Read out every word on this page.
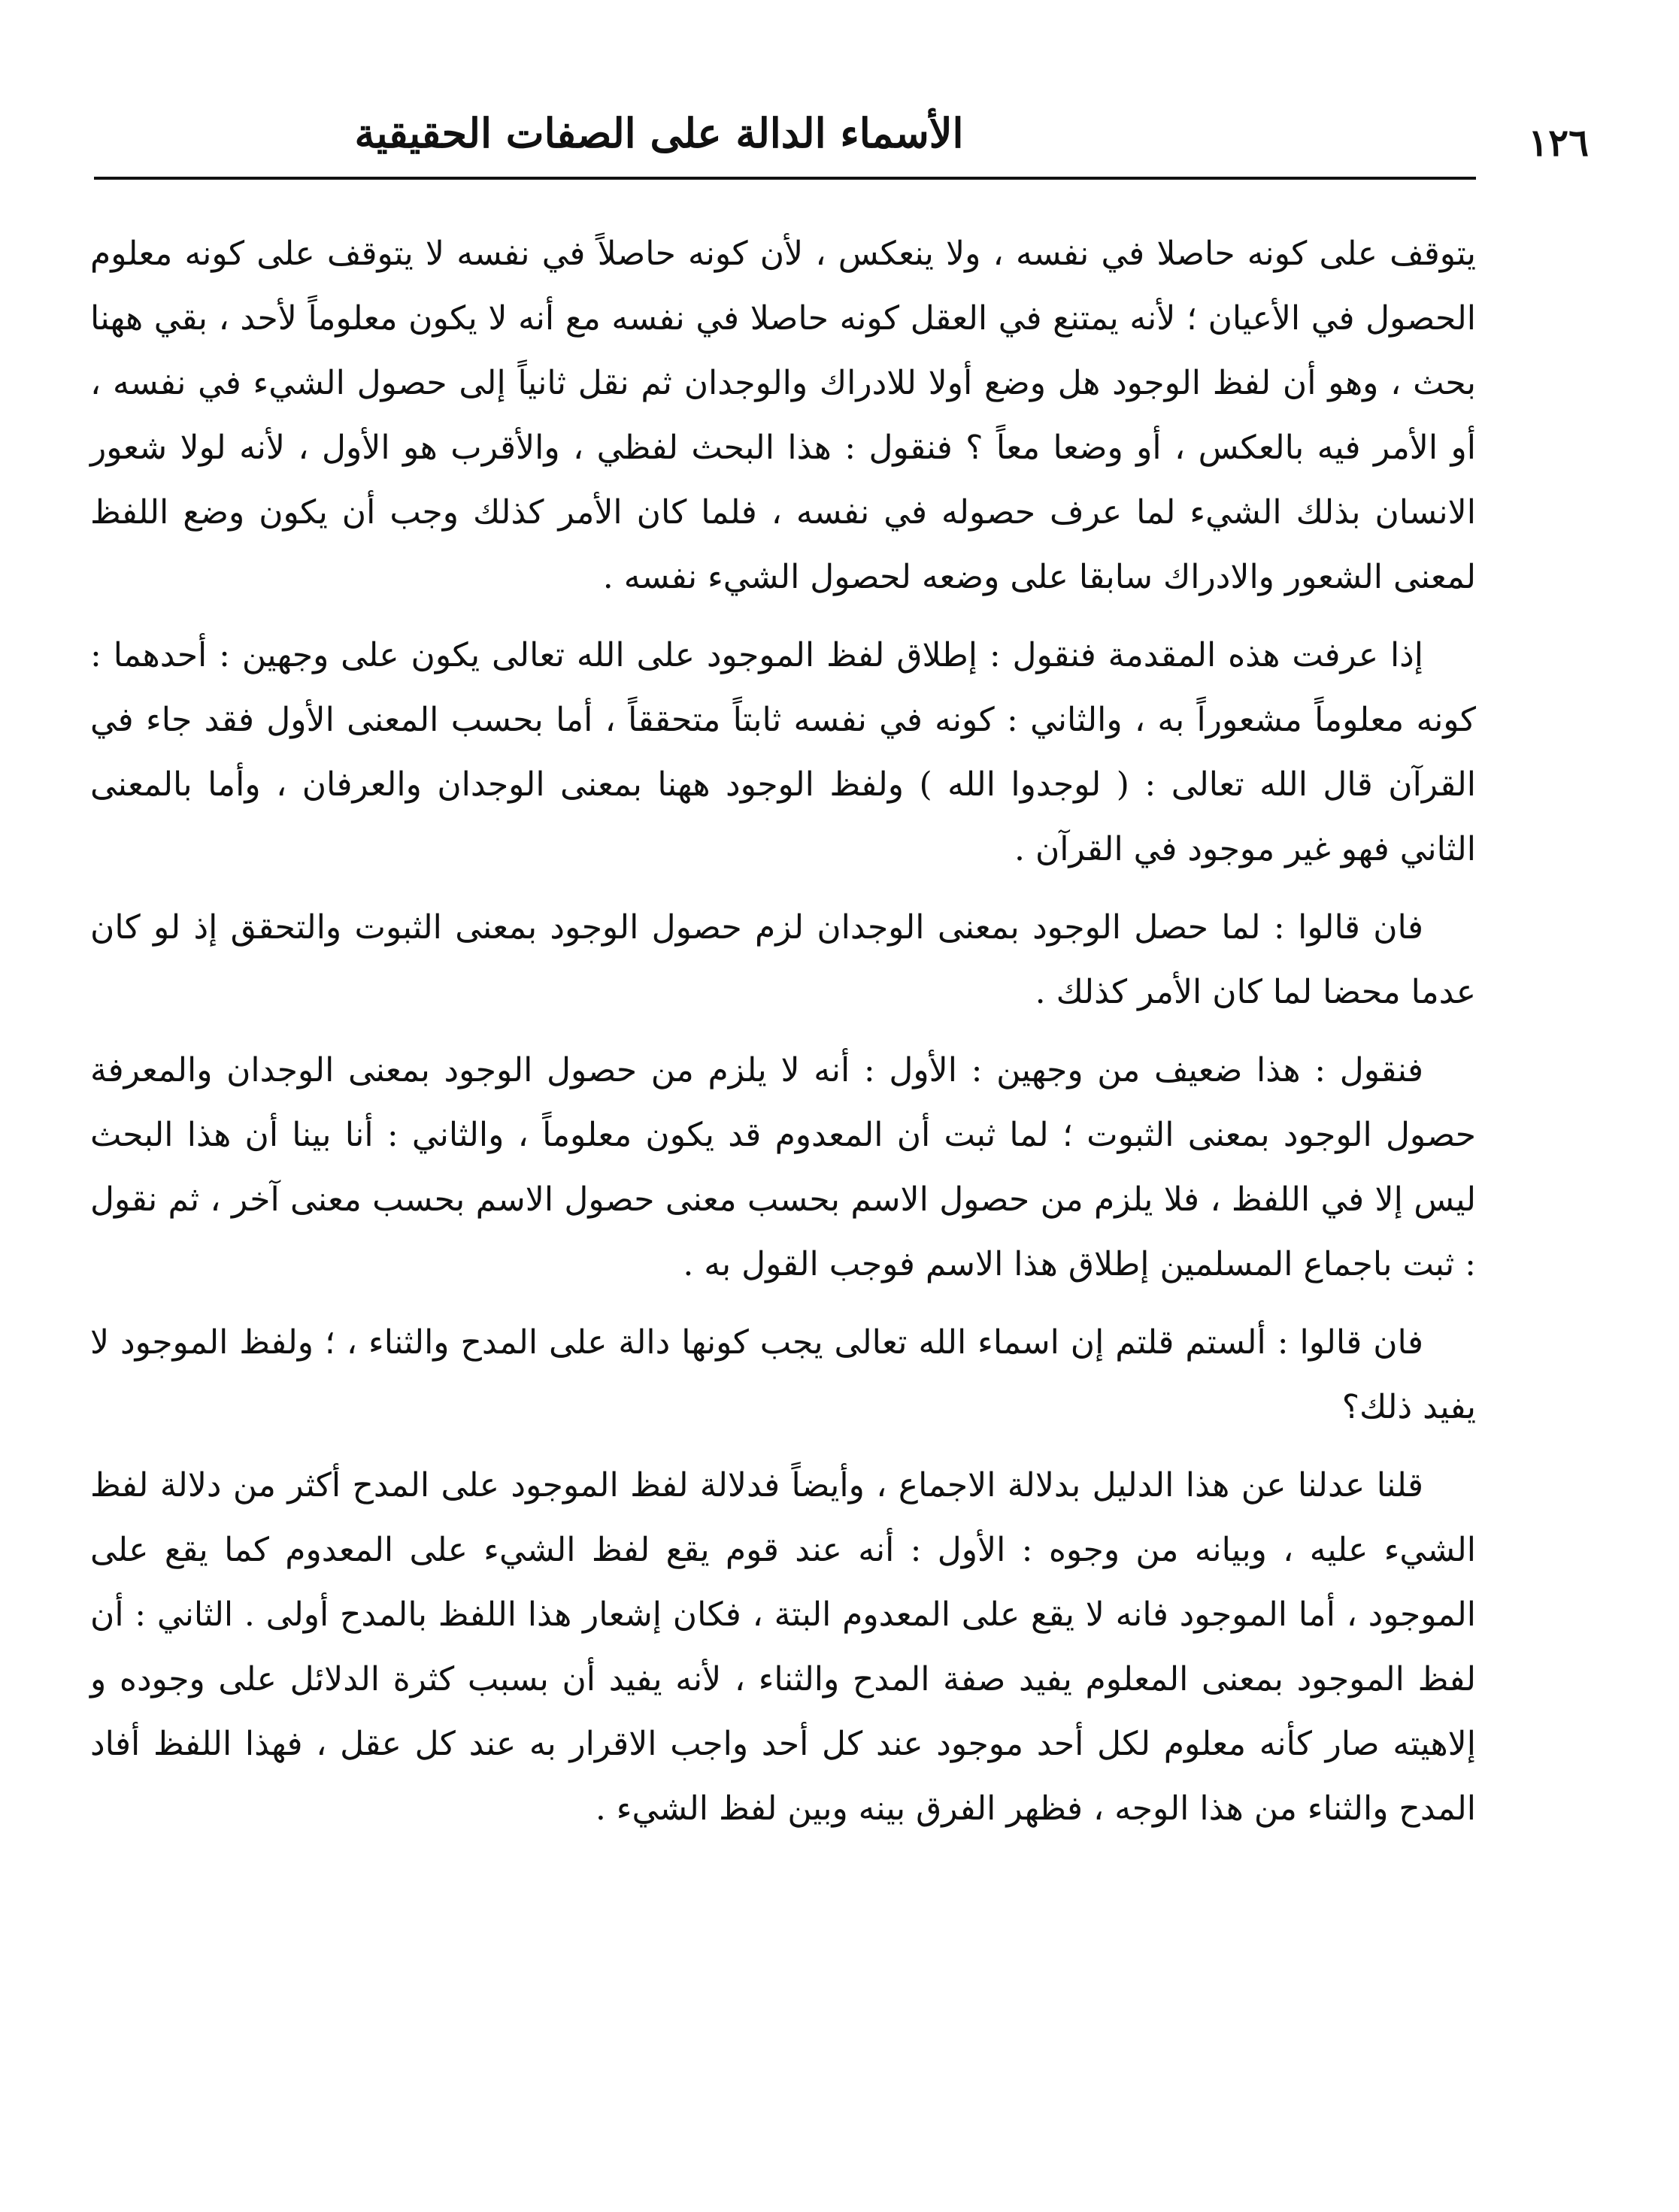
الأسماء الدالة على الصفات الحقيقية	١٢٦

يتوقف على كونه حاصلا في نفسه ، ولا ينعكس ، لأن كونه حاصلاً في نفسه لا يتوقف على كونه معلوم الحصول في الأعيان ؛ لأنه يمتنع في العقل كونه حاصلا في نفسه مع أنه لا يكون معلوماً لأحد ، بقي ههنا بحث ، وهو أن لفظ الوجود هل وضع أولا للادراك والوجدان ثم نقل ثانياً إلى حصول الشيء في نفسه ، أو الأمر فيه بالعكس ، أو وضعا معاً ؟ فنقول : هذا البحث لفظي ، والأقرب هو الأول ، لأنه لولا شعور الانسان بذلك الشيء لما عرف حصوله في نفسه ، فلما كان الأمر كذلك وجب أن يكون وضع اللفظ لمعنى الشعور والادراك سابقا على وضعه لحصول الشيء نفسه .

إذا عرفت هذه المقدمة فنقول : إطلاق لفظ الموجود على الله تعالى يكون على وجهين : أحدهما : كونه معلوماً مشعوراً به ، والثاني : كونه في نفسه ثابتاً متحققاً ، أما بحسب المعنى الأول فقد جاء في القرآن قال الله تعالى : ( لوجدوا الله ) ولفظ الوجود ههنا بمعنى الوجدان والعرفان ، وأما بالمعنى الثاني فهو غير موجود في القرآن .

فان قالوا : لما حصل الوجود بمعنى الوجدان لزم حصول الوجود بمعنى الثبوت والتحقق إذ لو كان عدما محضا لما كان الأمر كذلك .

فنقول : هذا ضعيف من وجهين : الأول : أنه لا يلزم من حصول الوجود بمعنى الوجدان والمعرفة حصول الوجود بمعنى الثبوت ؛ لما ثبت أن المعدوم قد يكون معلوماً ، والثاني : أنا بينا أن هذا البحث ليس إلا في اللفظ ، فلا يلزم من حصول الاسم بحسب معنى حصول الاسم بحسب معنى آخر ، ثم نقول : ثبت باجماع المسلمين إطلاق هذا الاسم فوجب القول به .

فان قالوا : ألستم قلتم إن اسماء الله تعالى يجب كونها دالة على المدح والثناء ، ؛ ولفظ الموجود لا يفيد ذلك؟

قلنا عدلنا عن هذا الدليل بدلالة الاجماع ، وأيضاً فدلالة لفظ الموجود على المدح أكثر من دلالة لفظ الشيء عليه ، وبيانه من وجوه : الأول : أنه عند قوم يقع لفظ الشيء على المعدوم كما يقع على الموجود ، أما الموجود فانه لا يقع على المعدوم البتة ، فكان إشعار هذا اللفظ بالمدح أولى . الثاني : أن لفظ الموجود بمعنى المعلوم يفيد صفة المدح والثناء ، لأنه يفيد أن بسبب كثرة الدلائل على وجوده و إلاهيته صار كأنه معلوم لكل أحد موجود عند كل أحد واجب الاقرار به عند كل عقل ، فهذا اللفظ أفاد المدح والثناء من هذا الوجه ، فظهر الفرق بينه وبين لفظ الشيء .
